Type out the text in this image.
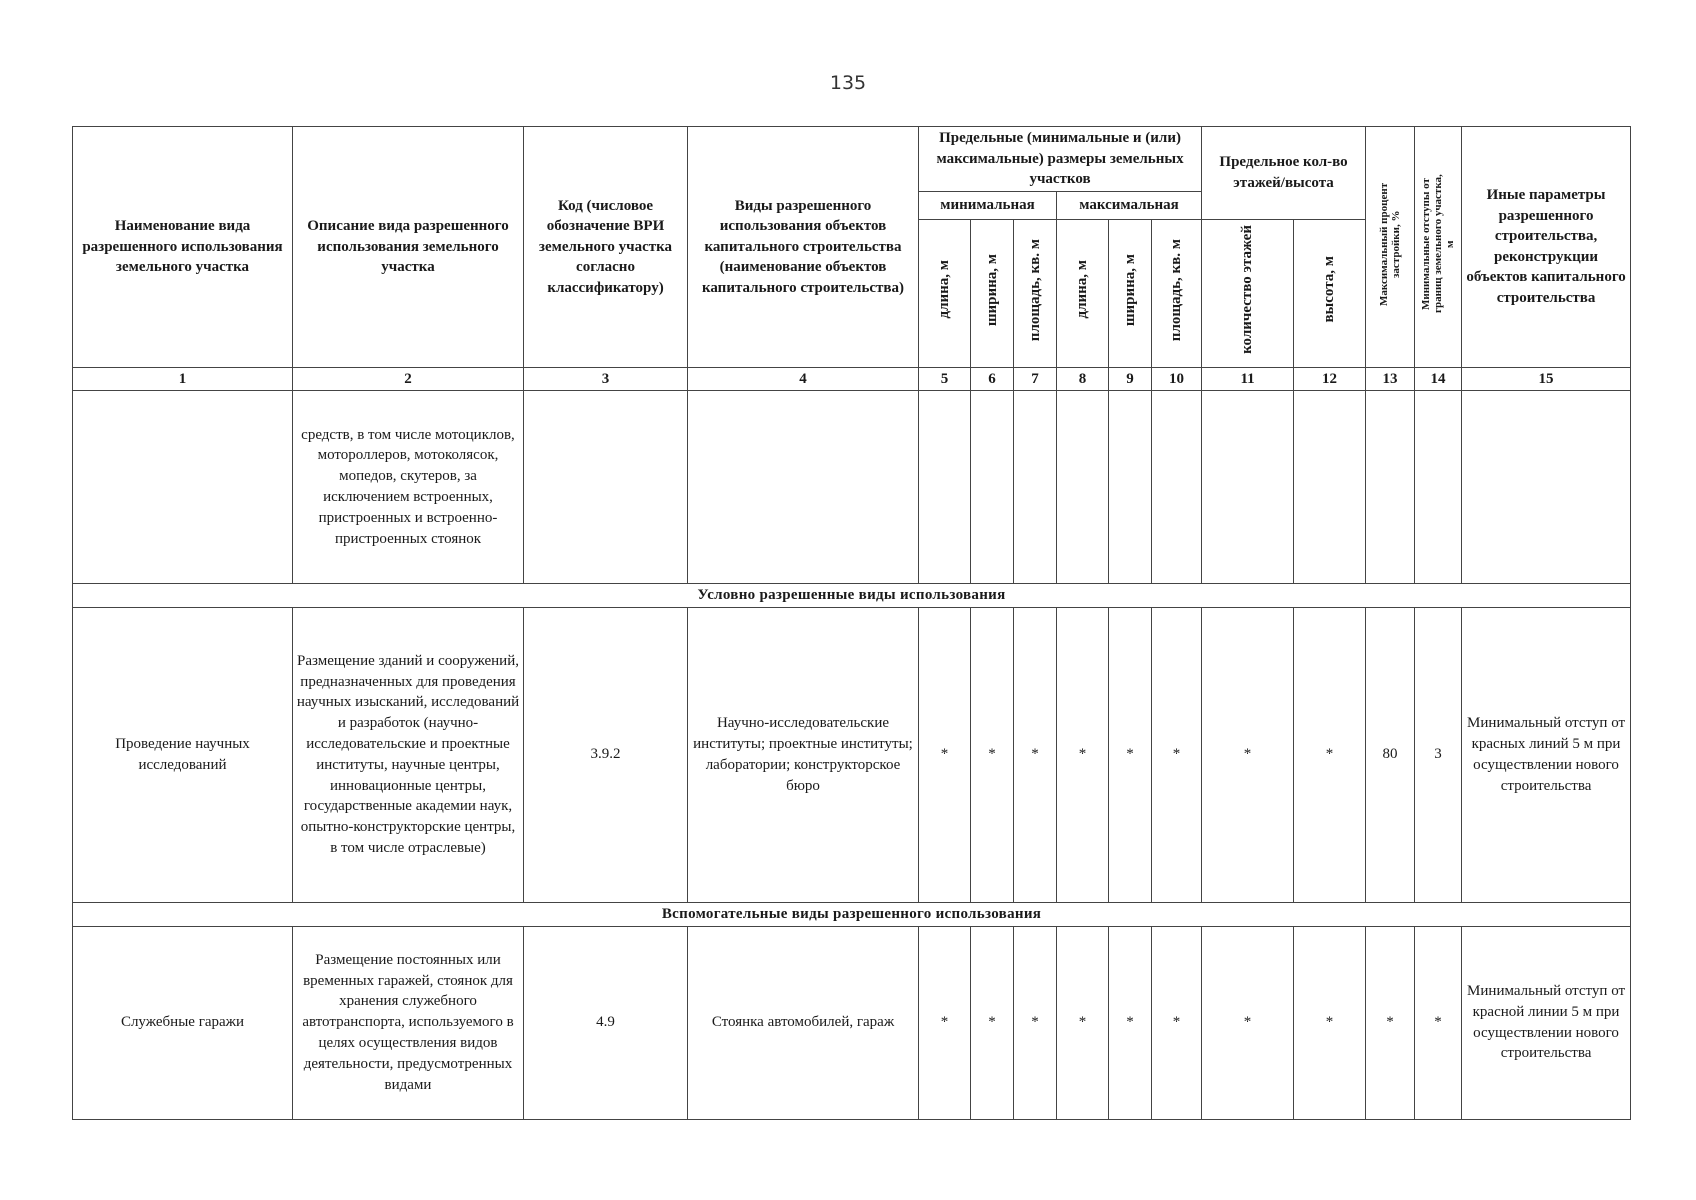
135
Наименование вида разрешенного использования земельного участка	Описание вида разрешенного использования земельного участка	Код (числовое обозначение ВРИ земельного участка согласно классификатору)	Виды разрешенного использования объектов капитального строительства (наименование объектов капитального строительства)	Предельные (минимальные и (или) максимальные) размеры земельных участков						Предельное кол-во этажей/высота		Максимальный процент застройки, %	Минимальные отступы от границ земельного участка, м	Иные параметры разрешенного строительства, реконструкции объектов капитального строительства
				минимальная			максимальная							
				длина, м	ширина, м	площадь, кв. м	длина, м	ширина, м	площадь, кв. м	количество этажей	высота, м			
1	2	3	4	5	6	7	8	9	10	11	12	13	14	15
	средств, в том числе мотоциклов, мотороллеров, мотоколясок, мопедов, скутеров, за исключением встроенных, пристроенных и встроенно-пристроенных стоянок													
Условно разрешенные виды использования														
Проведение научных исследований	Размещение зданий и сооружений, предназначенных для проведения научных изысканий, исследований и разработок (научно-исследовательские и проектные институты, научные центры, инновационные центры, государственные академии наук, опытно-конструкторские центры, в том числе отраслевые)	3.9.2	Научно-исследовательские институты; проектные институты; лаборатории; конструкторское бюро	*	*	*	*	*	*	*	*	80	3	Минимальный отступ от красных линий 5 м при осуществлении нового строительства
Вспомогательные виды разрешенного использования														
Служебные гаражи	Размещение постоянных или временных гаражей, стоянок для хранения служебного автотранспорта, используемого в целях осуществления видов деятельности, предусмотренных видами	4.9	Стоянка автомобилей, гараж	*	*	*	*	*	*	*	*	*	*	Минимальный отступ от красной линии 5 м при осуществлении нового строительства
